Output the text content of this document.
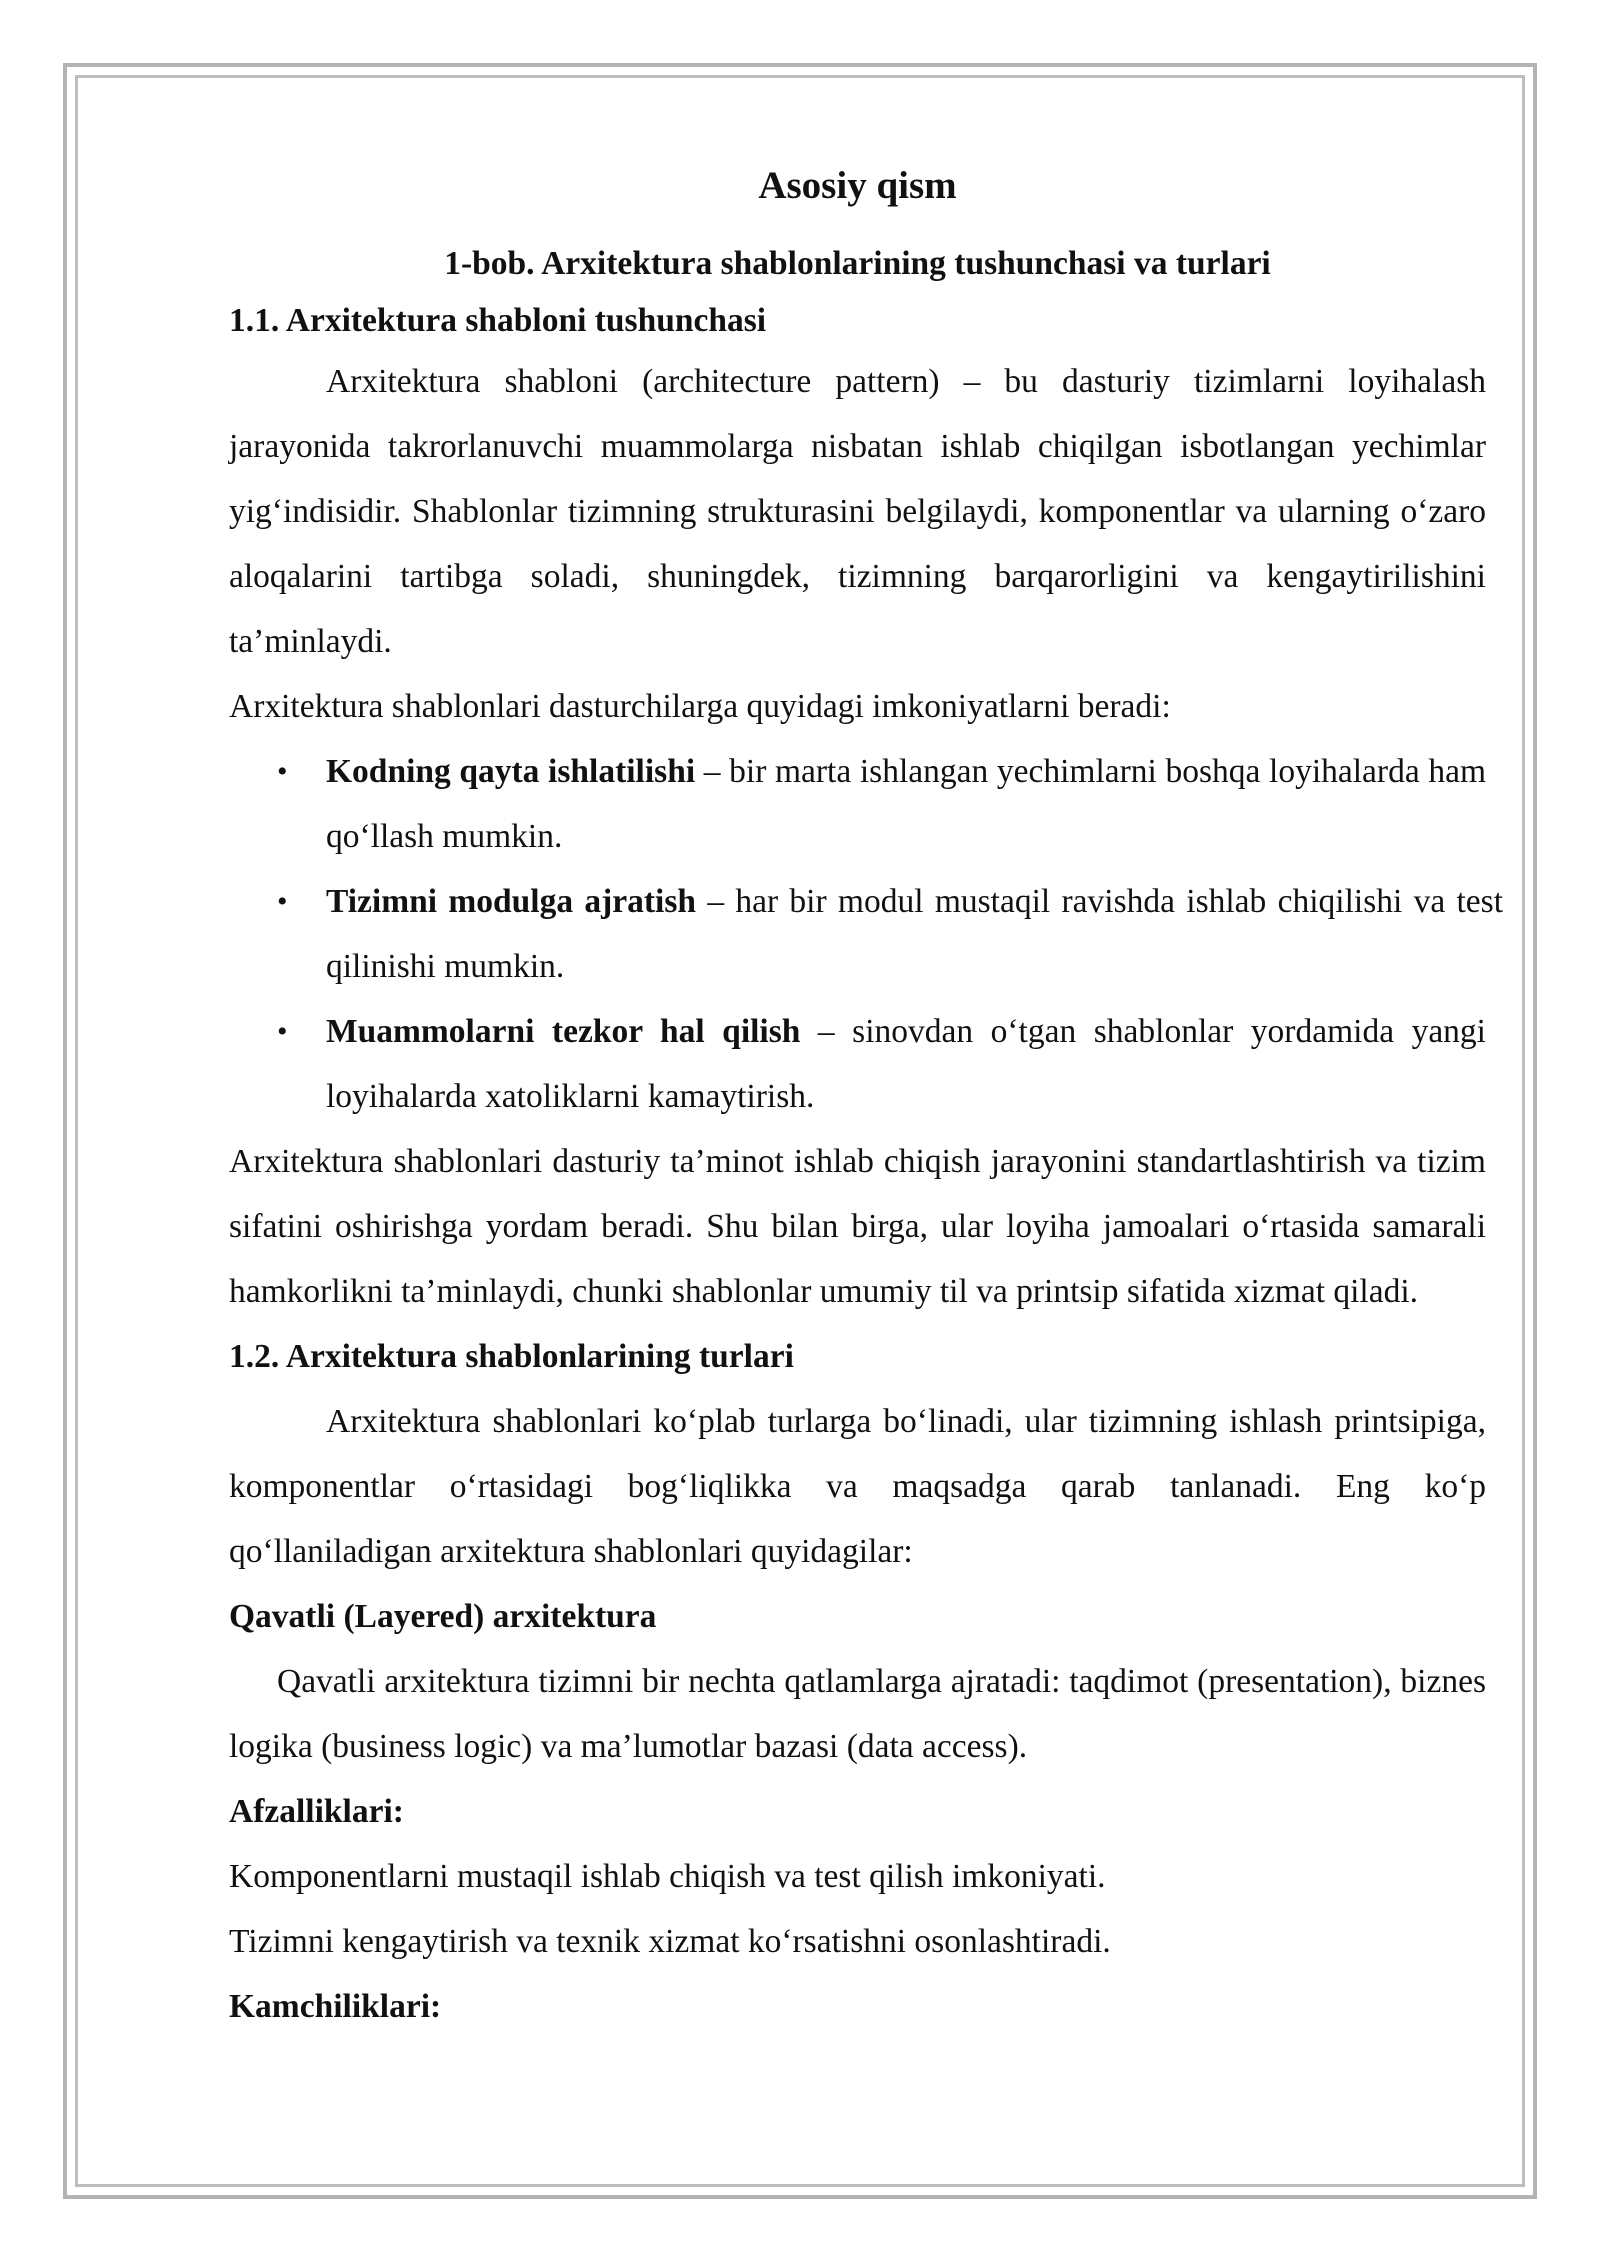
Asosiy qism
1-bob. Arxitektura shablonlarining tushunchasi va turlari
1.1. Arxitektura shabloni tushunchasi

Arxitektura shabloni (architecture pattern) – bu dasturiy tizimlarni loyihalash jarayonida takrorlanuvchi muammolarga nisbatan ishlab chiqilgan isbotlangan yechimlar yig‘indisidir. Shablonlar tizimning strukturasini belgilaydi, komponentlar va ularning o‘zaro aloqalarini tartibga soladi, shuningdek, tizimning barqarorligini va kengaytirilishini ta’minlaydi.

Arxitektura shablonlari dasturchilarga quyidagi imkoniyatlarni beradi:

• Kodning qayta ishlatilishi – bir marta ishlangan yechimlarni boshqa loyihalarda ham qo‘llash mumkin.
• Tizimni modulga ajratish – har bir modul mustaqil ravishda ishlab chiqilishi va test qilinishi mumkin.
• Muammolarni tezkor hal qilish – sinovdan o‘tgan shablonlar yordamida yangi loyihalarda xatoliklarni kamaytirish.

Arxitektura shablonlari dasturiy ta’minot ishlab chiqish jarayonini standartlashtirish va tizim sifatini oshirishga yordam beradi. Shu bilan birga, ular loyiha jamoalari o‘rtasida samarali hamkorlikni ta’minlaydi, chunki shablonlar umumiy til va printsip sifatida xizmat qiladi.

1.2. Arxitektura shablonlarining turlari

Arxitektura shablonlari ko‘plab turlarga bo‘linadi, ular tizimning ishlash printsipiga, komponentlar o‘rtasidagi bog‘liqlikka va maqsadga qarab tanlanadi. Eng ko‘p qo‘llaniladigan arxitektura shablonlari quyidagilar:

Qavatli (Layered) arxitektura

Qavatli arxitektura tizimni bir nechta qatlamlarga ajratadi: taqdimot (presentation), biznes logika (business logic) va ma’lumotlar bazasi (data access).

Afzalliklari:

Komponentlarni mustaqil ishlab chiqish va test qilish imkoniyati.

Tizimni kengaytirish va texnik xizmat ko‘rsatishni osonlashtiradi.

Kamchiliklari:
